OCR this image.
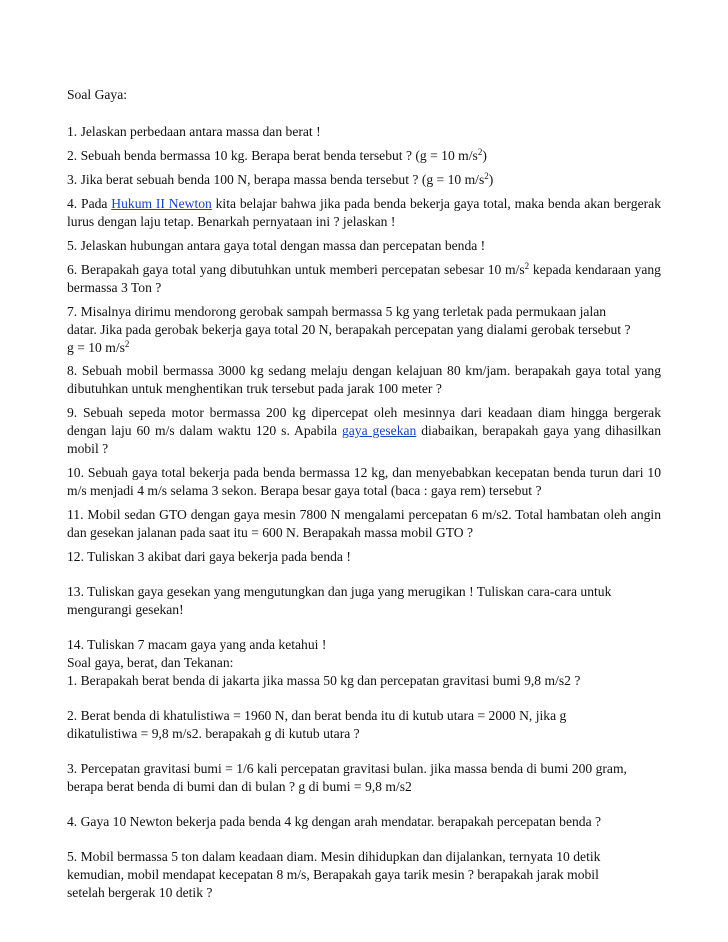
Soal Gaya:

1. Jelaskan perbedaan antara massa dan berat !

2. Sebuah benda bermassa 10 kg. Berapa berat benda tersebut ? (g = 10 $m/s^2$)

3. Jika berat sebuah benda 100 N, berapa massa benda tersebut ? (g = 10 $m/s^2$)

4. Pada Hukum II Newton kita belajar bahwa jika pada benda bekerja gaya total, maka benda akan bergerak lurus dengan laju tetap. Benarkah pernyataan ini ? jelaskan !

5. Jelaskan hubungan antara gaya total dengan massa dan percepatan benda !

6. Berapakah gaya total yang dibutuhkan untuk memberi percepatan sebesar 10 $m/s^2$ kepada kendaraan yang bermassa 3 Ton ?

7. Misalnya dirimu mendorong gerobak sampah bermassa 5 kg yang terletak pada permukaan jalan
datar. Jika pada gerobak bekerja gaya total 20 N, berapakah percepatan yang dialami gerobak tersebut ?
g = 10 $m/s^2$

8. Sebuah mobil bermassa 3000 kg sedang melaju dengan kelajuan 80 km/jam. berapakah gaya total yang dibutuhkan untuk menghentikan truk tersebut pada jarak 100 meter ?

9. Sebuah sepeda motor bermassa 200 kg dipercepat oleh mesinnya dari keadaan diam hingga bergerak dengan laju 60 m/s dalam waktu 120 s. Apabila gaya gesekan diabaikan, berapakah gaya yang dihasilkan mobil ?

10. Sebuah gaya total bekerja pada benda bermassa 12 kg, dan menyebabkan kecepatan benda turun dari 10 m/s menjadi 4 m/s selama 3 sekon. Berapa besar gaya total (baca : gaya rem) tersebut ?

11. Mobil sedan GTO dengan gaya mesin 7800 N mengalami percepatan 6 m/s2. Total hambatan oleh angin dan gesekan jalanan pada saat itu = 600 N. Berapakah massa mobil GTO ?

12. Tuliskan 3 akibat dari gaya bekerja pada benda !

13. Tuliskan gaya gesekan yang mengutungkan dan juga yang merugikan ! Tuliskan cara-cara untuk
mengurangi gesekan!

14. Tuliskan 7 macam gaya yang anda ketahui !

Soal gaya, berat, dan Tekanan:

1. Berapakah berat benda di jakarta jika massa 50 kg dan percepatan gravitasi bumi 9,8 m/s2 ?

2. Berat benda di khatulistiwa = 1960 N, dan berat benda itu di kutub utara = 2000 N, jika g
dikatulistiwa = 9,8 m/s2. berapakah g di kutub utara ?

3. Percepatan gravitasi bumi = 1/6 kali percepatan gravitasi bulan. jika massa benda di bumi 200 gram,
berapa berat benda di bumi dan di bulan ? g di bumi = 9,8 m/s2

4. Gaya 10 Newton bekerja pada benda 4 kg dengan arah mendatar. berapakah percepatan benda ?

5. Mobil bermassa 5 ton dalam keadaan diam. Mesin dihidupkan dan dijalankan, ternyata 10 detik
kemudian, mobil mendapat kecepatan 8 m/s, Berapakah gaya tarik mesin ? berapakah jarak mobil
setelah bergerak 10 detik ?
